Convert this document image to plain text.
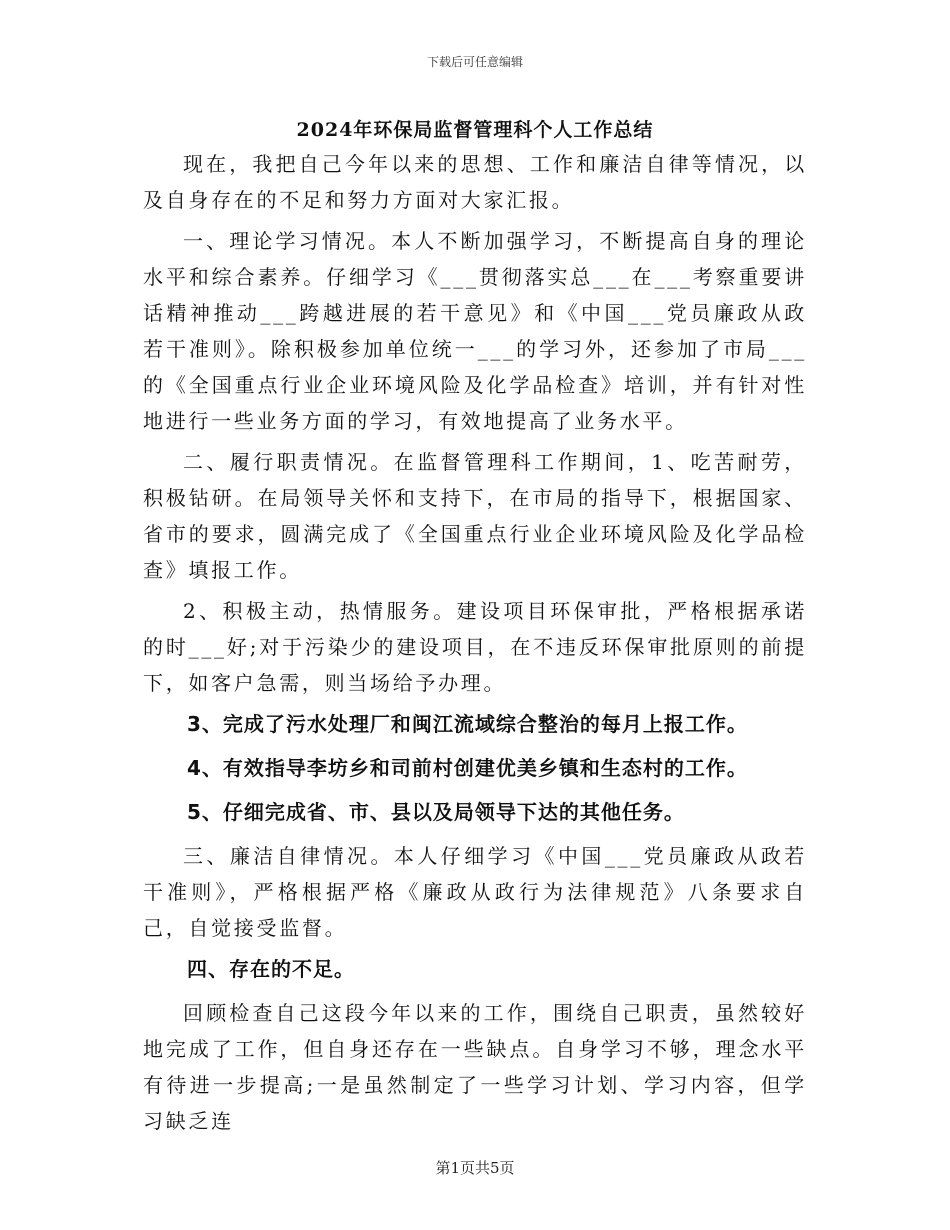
下载后可任意编辑
2024年环保局监督管理科个人工作总结

现在，我把自己今年以来的思想、工作和廉洁自律等情况，以及自身存在的不足和努力方面对大家汇报。

一、理论学习情况。本人不断加强学习，不断提高自身的理论水平和综合素养。仔细学习《___贯彻落实总___在___考察重要讲话精神推动___跨越进展的若干意见》和《中国___党员廉政从政若干准则》。除积极参加单位统一___的学习外，还参加了市局___的《全国重点行业企业环境风险及化学品检查》培训，并有针对性地进行一些业务方面的学习，有效地提高了业务水平。

二、履行职责情况。在监督管理科工作期间，1、吃苦耐劳，积极钻研。在局领导关怀和支持下，在市局的指导下，根据国家、省市的要求，圆满完成了《全国重点行业企业环境风险及化学品检查》填报工作。

2、积极主动，热情服务。建设项目环保审批，严格根据承诺的时___好;对于污染少的建设项目，在不违反环保审批原则的前提下，如客户急需，则当场给予办理。

3、完成了污水处理厂和闽江流域综合整治的每月上报工作。

4、有效指导李坊乡和司前村创建优美乡镇和生态村的工作。

5、仔细完成省、市、县以及局领导下达的其他任务。

三、廉洁自律情况。本人仔细学习《中国___党员廉政从政若干准则》，严格根据严格《廉政从政行为法律规范》八条要求自己，自觉接受监督。

四、存在的不足。

回顾检查自己这段今年以来的工作，围绕自己职责，虽然较好地完成了工作，但自身还存在一些缺点。自身学习不够，理念水平有待进一步提高;一是虽然制定了一些学习计划、学习内容，但学习缺乏连

第1页共5页
